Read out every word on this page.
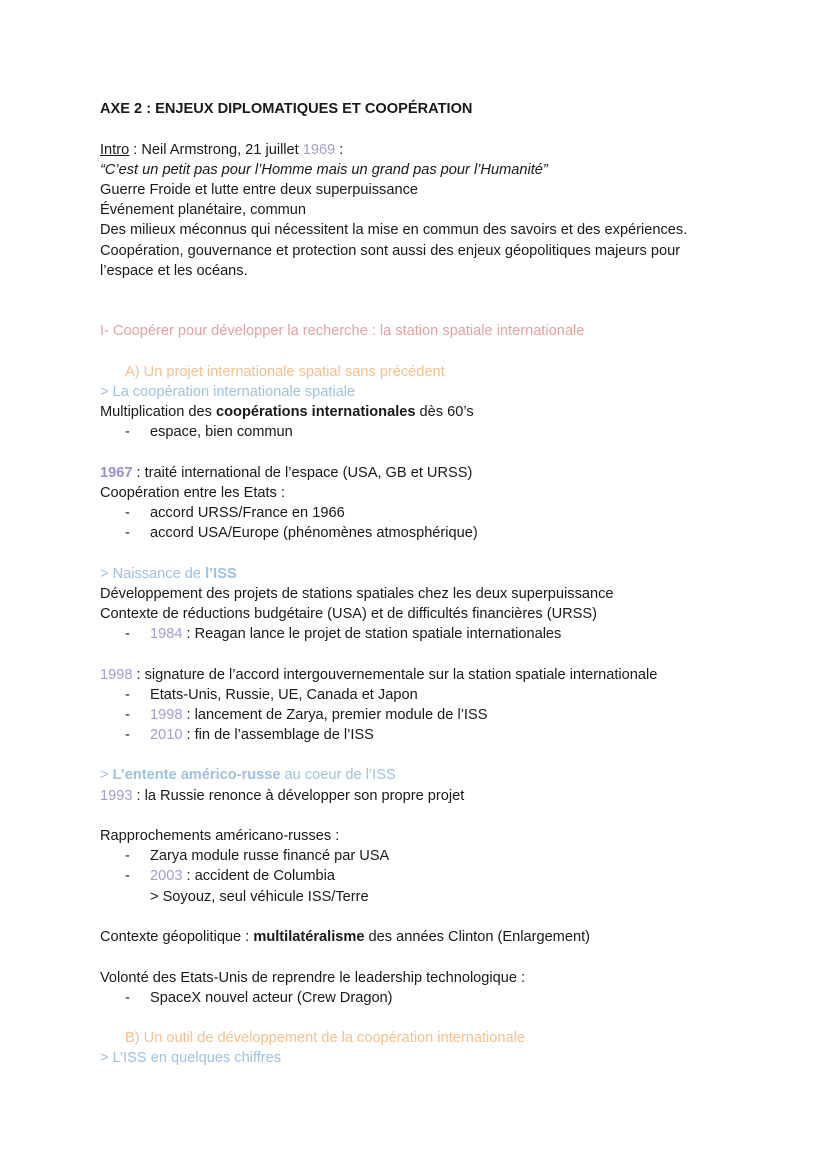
AXE 2 : ENJEUX DIPLOMATIQUES ET COOPÉRATION
Intro : Neil Armstrong, 21 juillet 1969 :
“C’est un petit pas pour l’Homme mais un grand pas pour l’Humanité”
Guerre Froide et lutte entre deux superpuissance
Événement planétaire, commun
Des milieux méconnus qui nécessitent la mise en commun des savoirs et des expériences.
Coopération, gouvernance et protection sont aussi des enjeux géopolitiques majeurs pour
l’espace et les océans.
I- Coopérer pour développer la recherche : la station spatiale internationale
A) Un projet internationale spatial sans précédent
> La coopération internationale spatiale
Multiplication des coopérations internationales dès 60’s
- espace, bien commun
1967 : traité international de l’espace (USA, GB et URSS)
Coopération entre les Etats :
- accord URSS/France en 1966
- accord USA/Europe (phénomènes atmosphérique)
> Naissance de l’ISS
Développement des projets de stations spatiales chez les deux superpuissance
Contexte de réductions budgétaire (USA) et de difficultés financières (URSS)
- 1984 : Reagan lance le projet de station spatiale internationales
1998 : signature de l’accord intergouvernementale sur la station spatiale internationale
- Etats-Unis, Russie, UE, Canada et Japon
- 1998 : lancement de Zarya, premier module de l’ISS
- 2010 : fin de l’assemblage de l’ISS
> L’entente américo-russe au coeur de l’ISS
1993 : la Russie renonce à développer son propre projet
Rapprochements américano-russes :
- Zarya module russe financé par USA
- 2003 : accident de Columbia
> Soyouz, seul véhicule ISS/Terre
Contexte géopolitique : multilatéralisme des années Clinton (Enlargement)
Volonté des Etats-Unis de reprendre le leadership technologique :
- SpaceX nouvel acteur (Crew Dragon)
B) Un outil de développement de la coopération internationale
> L’ISS en quelques chiffres
